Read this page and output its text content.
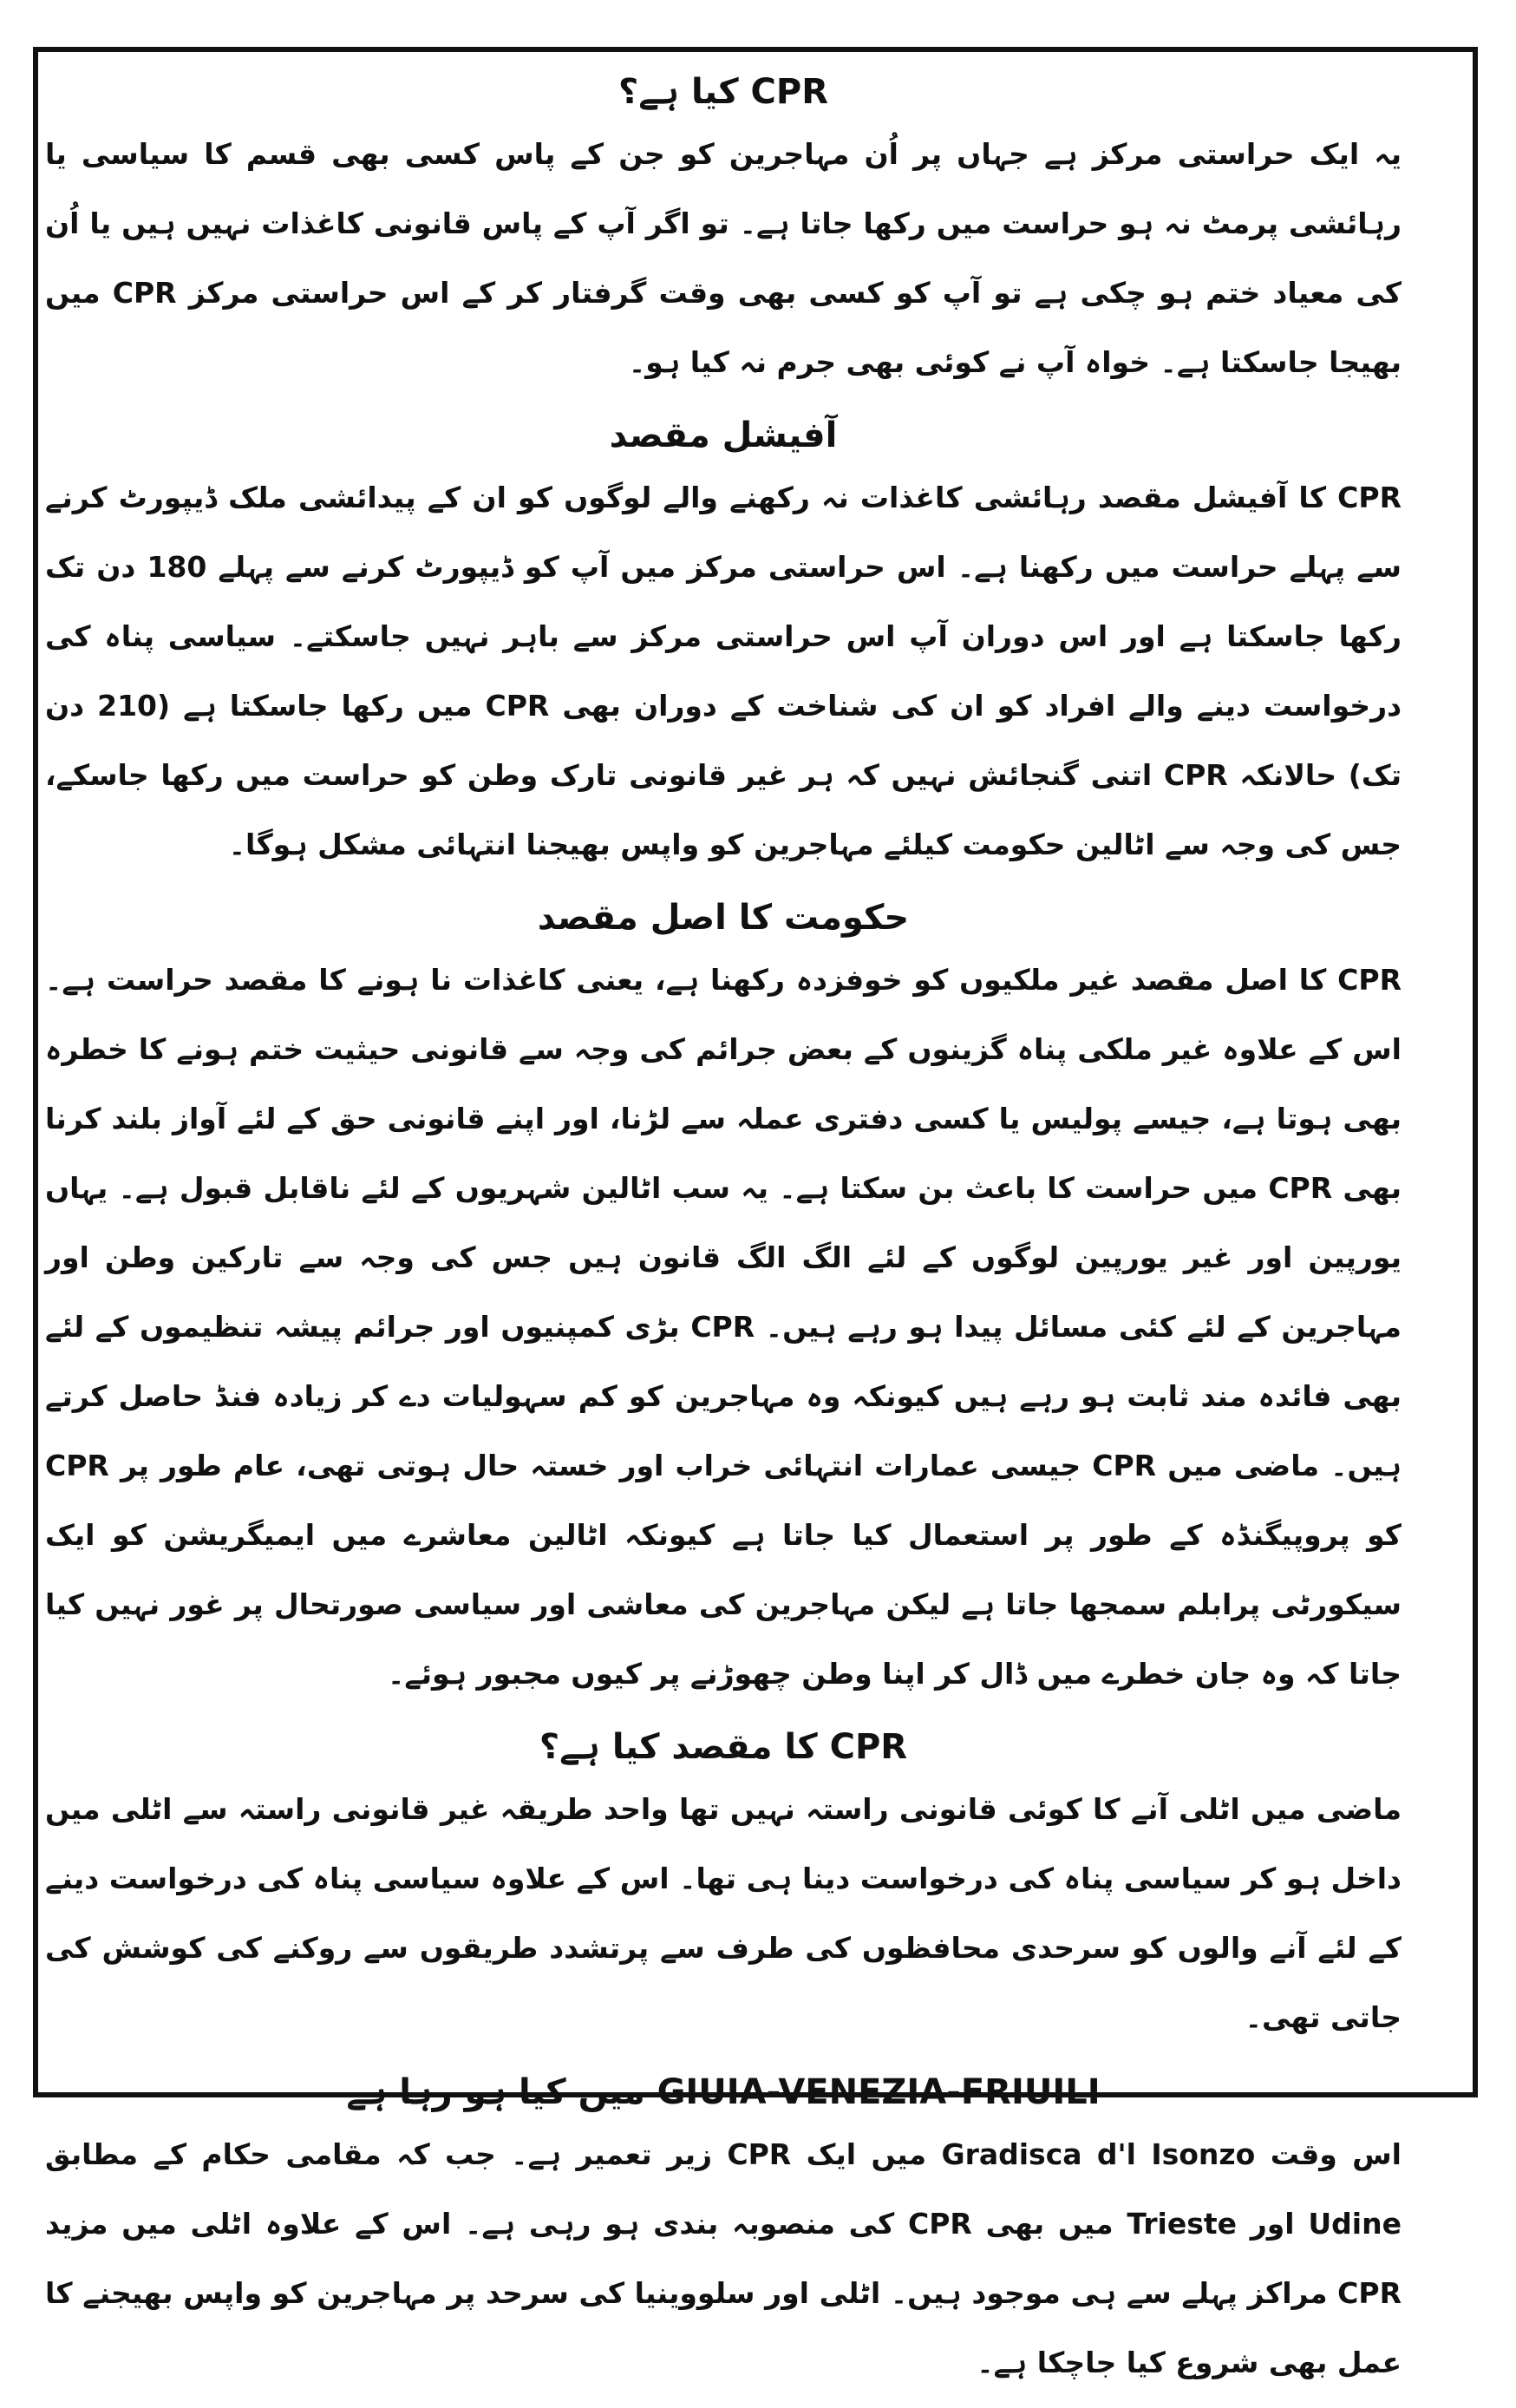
CPR کیا ہے؟

یہ ایک حراستی مرکز ہے جہاں پر اُن مہاجرین کو جن کے پاس کسی بھی قسم کا سیاسی یا رہائشی پرمٹ نہ ہو حراست میں رکھا جاتا ہے۔ تو اگر آپ کے پاس قانونی کاغذات نہیں ہیں یا اُن کی معیاد ختم ہو چکی ہے تو آپ کو کسی بھی وقت گرفتار کر کے اس حراستی مرکز CPR میں بھیجا جاسکتا ہے۔ خواہ آپ نے کوئی بھی جرم نہ کیا ہو۔

آفیشل مقصد

CPR کا آفیشل مقصد رہائشی کاغذات نہ رکھنے والے لوگوں کو ان کے پیدائشی ملک ڈیپورٹ کرنے سے پہلے حراست میں رکھنا ہے۔ اس حراستی مرکز میں آپ کو ڈیپورٹ کرنے سے پہلے 180 دن تک رکھا جاسکتا ہے اور اس دوران آپ اس حراستی مرکز سے باہر نہیں جاسکتے۔ سیاسی پناہ کی درخواست دینے والے افراد کو ان کی شناخت کے دوران بھی CPR میں رکھا جاسکتا ہے (210 دن تک) حالانکہ CPR اتنی گنجائش نہیں کہ ہر غیر قانونی تارک وطن کو حراست میں رکھا جاسکے، جس کی وجہ سے اٹالین حکومت کیلئے مہاجرین کو واپس بھیجنا انتہائی مشکل ہوگا۔

حکومت کا اصل مقصد

CPR کا اصل مقصد غیر ملکیوں کو خوفزدہ رکھنا ہے، یعنی کاغذات نا ہونے کا مقصد حراست ہے۔ اس کے علاوہ غیر ملکی پناہ گزینوں کے بعض جرائم کی وجہ سے قانونی حیثیت ختم ہونے کا خطرہ بھی ہوتا ہے، جیسے پولیس یا کسی دفتری عملہ سے لڑنا، اور اپنے قانونی حق کے لئے آواز بلند کرنا بھی CPR میں حراست کا باعث بن سکتا ہے۔ یہ سب اٹالین شہریوں کے لئے ناقابل قبول ہے۔ یہاں یورپین اور غیر یورپین لوگوں کے لئے الگ الگ قانون ہیں جس کی وجہ سے تارکین وطن اور مہاجرین کے لئے کئی مسائل پیدا ہو رہے ہیں۔ CPR بڑی کمپنیوں اور جرائم پیشہ تنظیموں کے لئے بھی فائدہ مند ثابت ہو رہے ہیں کیونکہ وہ مہاجرین کو کم سہولیات دے کر زیادہ فنڈ حاصل کرتے ہیں۔ ماضی میں CPR جیسی عمارات انتہائی خراب اور خستہ حال ہوتی تھی، عام طور پر CPR کو پروپیگنڈہ کے طور پر استعمال کیا جاتا ہے کیونکہ اٹالین معاشرے میں ایمیگریشن کو ایک سیکورٹی پرابلم سمجھا جاتا ہے لیکن مہاجرین کی معاشی اور سیاسی صورتحال پر غور نہیں کیا جاتا کہ وہ جان خطرے میں ڈال کر اپنا وطن چھوڑنے پر کیوں مجبور ہوئے۔

CPR کا مقصد کیا ہے؟

ماضی میں اٹلی آنے کا کوئی قانونی راستہ نہیں تھا واحد طریقہ غیر قانونی راستہ سے اٹلی میں داخل ہو کر سیاسی پناہ کی درخواست دینا ہی تھا۔ اس کے علاوہ سیاسی پناہ کی درخواست دینے کے لئے آنے والوں کو سرحدی محافظوں کی طرف سے پرتشدد طریقوں سے روکنے کی کوشش کی جاتی تھی۔

GIUIA-VENEZIA-FRIUILI میں کیا ہو رہا ہے

اس وقت Gradisca d'l Isonzo میں ایک CPR زیر تعمیر ہے۔ جب کہ مقامی حکام کے مطابق Udine اور Trieste میں بھی CPR کی منصوبہ بندی ہو رہی ہے۔ اس کے علاوہ اٹلی میں مزید CPR مراکز پہلے سے ہی موجود ہیں۔ اٹلی اور سلووینیا کی سرحد پر مہاجرین کو واپس بھیجنے کا عمل بھی شروع کیا جاچکا ہے۔
